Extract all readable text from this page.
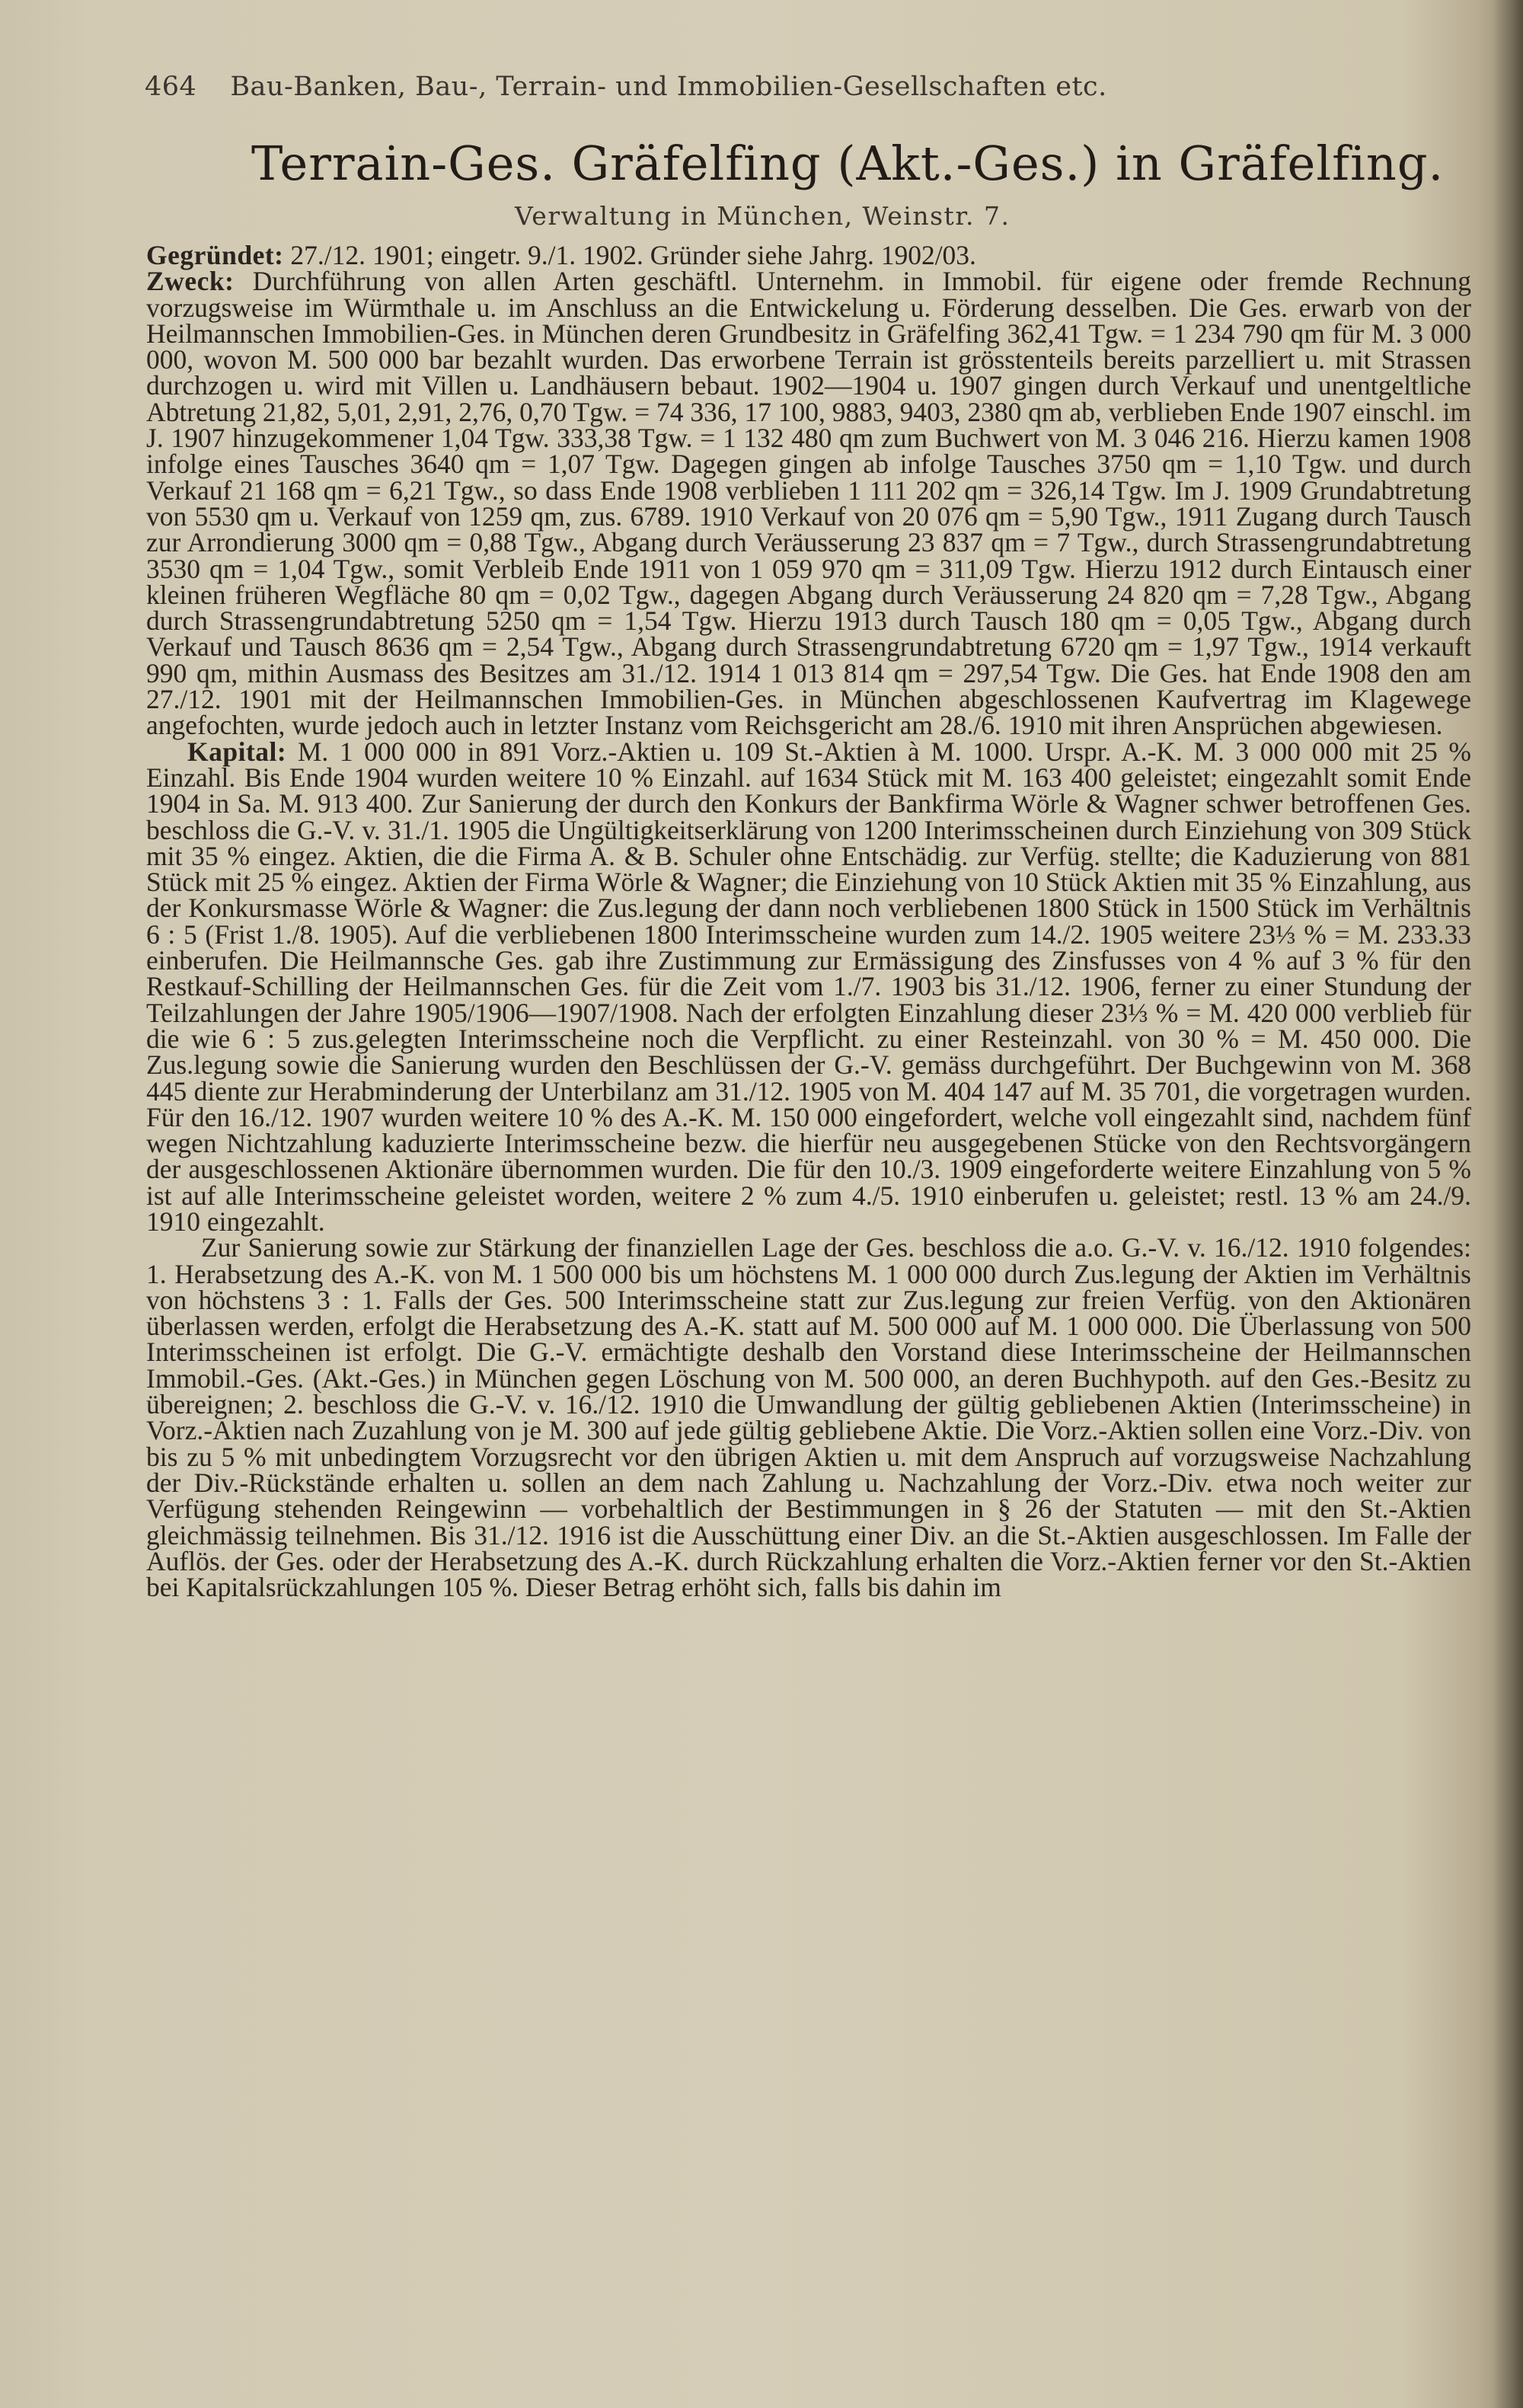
464 Bau-Banken, Bau-, Terrain- und Immobilien-Gesellschaften etc.
Terrain-Ges. Gräfelfing (Akt.-Ges.) in Gräfelfing.
Verwaltung in München, Weinstr. 7.

Gegründet: 27./12. 1901; eingetr. 9./1. 1902. Gründer siehe Jahrg. 1902/03.

Zweck: Durchführung von allen Arten geschäftl. Unternehm. in Immobil. für eigene oder fremde Rechnung vorzugsweise im Würmthale u. im Anschluss an die Entwickelung u. Förderung desselben. Die Ges. erwarb von der Heilmannschen Immobilien-Ges. in München deren Grundbesitz in Gräfelfing 362,41 Tgw. = 1 234 790 qm für M. 3 000 000, wovon M. 500 000 bar bezahlt wurden. Das erworbene Terrain ist grösstenteils bereits parzelliert u. mit Strassen durchzogen u. wird mit Villen u. Landhäusern bebaut. 1902—1904 u. 1907 gingen durch Verkauf und unentgeltliche Abtretung 21,82, 5,01, 2,91, 2,76, 0,70 Tgw. = 74 336, 17 100, 9883, 9403, 2380 qm ab, verblieben Ende 1907 einschl. im J. 1907 hinzugekommener 1,04 Tgw. 333,38 Tgw. = 1 132 480 qm zum Buchwert von M. 3 046 216. Hierzu kamen 1908 infolge eines Tausches 3640 qm = 1,07 Tgw. Dagegen gingen ab infolge Tausches 3750 qm = 1,10 Tgw. und durch Verkauf 21 168 qm = 6,21 Tgw., so dass Ende 1908 verblieben 1 111 202 qm = 326,14 Tgw. Im J. 1909 Grundabtretung von 5530 qm u. Verkauf von 1259 qm, zus. 6789. 1910 Verkauf von 20 076 qm = 5,90 Tgw., 1911 Zugang durch Tausch zur Arrondierung 3000 qm = 0,88 Tgw., Abgang durch Veräusserung 23 837 qm = 7 Tgw., durch Strassengrundabtretung 3530 qm = 1,04 Tgw., somit Verbleib Ende 1911 von 1 059 970 qm = 311,09 Tgw. Hierzu 1912 durch Eintausch einer kleinen früheren Wegfläche 80 qm = 0,02 Tgw., dagegen Abgang durch Veräusserung 24 820 qm = 7,28 Tgw., Abgang durch Strassengrundabtretung 5250 qm = 1,54 Tgw. Hierzu 1913 durch Tausch 180 qm = 0,05 Tgw., Abgang durch Verkauf und Tausch 8636 qm = 2,54 Tgw., Abgang durch Strassengrundabtretung 6720 qm = 1,97 Tgw., 1914 verkauft 990 qm, mithin Ausmass des Besitzes am 31./12. 1914 1 013 814 qm = 297,54 Tgw. Die Ges. hat Ende 1908 den am 27./12. 1901 mit der Heilmannschen Immobilien-Ges. in München abgeschlossenen Kaufvertrag im Klagewege angefochten, wurde jedoch auch in letzter Instanz vom Reichsgericht am 28./6. 1910 mit ihren Ansprüchen abgewiesen.

Kapital: M. 1 000 000 in 891 Vorz.-Aktien u. 109 St.-Aktien à M. 1000. Urspr. A.-K. M. 3 000 000 mit 25 % Einzahl. Bis Ende 1904 wurden weitere 10 % Einzahl. auf 1634 Stück mit M. 163 400 geleistet; eingezahlt somit Ende 1904 in Sa. M. 913 400. Zur Sanierung der durch den Konkurs der Bankfirma Wörle & Wagner schwer betroffenen Ges. beschloss die G.-V. v. 31./1. 1905 die Ungültigkeitserklärung von 1200 Interimsscheinen durch Einziehung von 309 Stück mit 35 % eingez. Aktien, die die Firma A. & B. Schuler ohne Entschädig. zur Verfüg. stellte; die Kaduzierung von 881 Stück mit 25 % eingez. Aktien der Firma Wörle & Wagner; die Einziehung von 10 Stück Aktien mit 35 % Einzahlung, aus der Konkursmasse Wörle & Wagner: die Zus.legung der dann noch verbliebenen 1800 Stück in 1500 Stück im Verhältnis 6 : 5 (Frist 1./8. 1905). Auf die verbliebenen 1800 Interimsscheine wurden zum 14./2. 1905 weitere 23⅓ % = M. 233.33 einberufen. Die Heilmannsche Ges. gab ihre Zustimmung zur Ermässigung des Zinsfusses von 4 % auf 3 % für den Restkauf-Schilling der Heilmannschen Ges. für die Zeit vom 1./7. 1903 bis 31./12. 1906, ferner zu einer Stundung der Teilzahlungen der Jahre 1905/1906—1907/1908. Nach der erfolgten Einzahlung dieser 23⅓ % = M. 420 000 verblieb für die wie 6 : 5 zus.gelegten Interimsscheine noch die Verpflicht. zu einer Resteinzahl. von 30 % = M. 450 000. Die Zus.legung sowie die Sanierung wurden den Beschlüssen der G.-V. gemäss durchgeführt. Der Buchgewinn von M. 368 445 diente zur Herabminderung der Unterbilanz am 31./12. 1905 von M. 404 147 auf M. 35 701, die vorgetragen wurden. Für den 16./12. 1907 wurden weitere 10 % des A.-K. M. 150 000 eingefordert, welche voll eingezahlt sind, nachdem fünf wegen Nichtzahlung kaduzierte Interimsscheine bezw. die hierfür neu ausgegebenen Stücke von den Rechtsvorgängern der ausgeschlossenen Aktionäre übernommen wurden. Die für den 10./3. 1909 eingeforderte weitere Einzahlung von 5 % ist auf alle Interimsscheine geleistet worden, weitere 2 % zum 4./5. 1910 einberufen u. geleistet; restl. 13 % am 24./9. 1910 eingezahlt.

Zur Sanierung sowie zur Stärkung der finanziellen Lage der Ges. beschloss die a.o. G.-V. v. 16./12. 1910 folgendes: 1. Herabsetzung des A.-K. von M. 1 500 000 bis um höchstens M. 1 000 000 durch Zus.legung der Aktien im Verhältnis von höchstens 3 : 1. Falls der Ges. 500 Interimsscheine statt zur Zus.legung zur freien Verfüg. von den Aktionären überlassen werden, erfolgt die Herabsetzung des A.-K. statt auf M. 500 000 auf M. 1 000 000. Die Überlassung von 500 Interimsscheinen ist erfolgt. Die G.-V. ermächtigte deshalb den Vorstand diese Interimsscheine der Heilmannschen Immobil.-Ges. (Akt.-Ges.) in München gegen Löschung von M. 500 000, an deren Buchhypoth. auf den Ges.-Besitz zu übereignen; 2. beschloss die G.-V. v. 16./12. 1910 die Umwandlung der gültig gebliebenen Aktien (Interimsscheine) in Vorz.-Aktien nach Zuzahlung von je M. 300 auf jede gültig gebliebene Aktie. Die Vorz.-Aktien sollen eine Vorz.-Div. von bis zu 5 % mit unbedingtem Vorzugsrecht vor den übrigen Aktien u. mit dem Anspruch auf vorzugsweise Nachzahlung der Div.-Rückstände erhalten u. sollen an dem nach Zahlung u. Nachzahlung der Vorz.-Div. etwa noch weiter zur Verfügung stehenden Reingewinn — vorbehaltlich der Bestimmungen in § 26 der Statuten — mit den St.-Aktien gleichmässig teilnehmen. Bis 31./12. 1916 ist die Ausschüttung einer Div. an die St.-Aktien ausgeschlossen. Im Falle der Auflös. der Ges. oder der Herabsetzung des A.-K. durch Rückzahlung erhalten die Vorz.-Aktien ferner vor den St.-Aktien bei Kapitalsrückzahlungen 105 %. Dieser Betrag erhöht sich, falls bis dahin im
